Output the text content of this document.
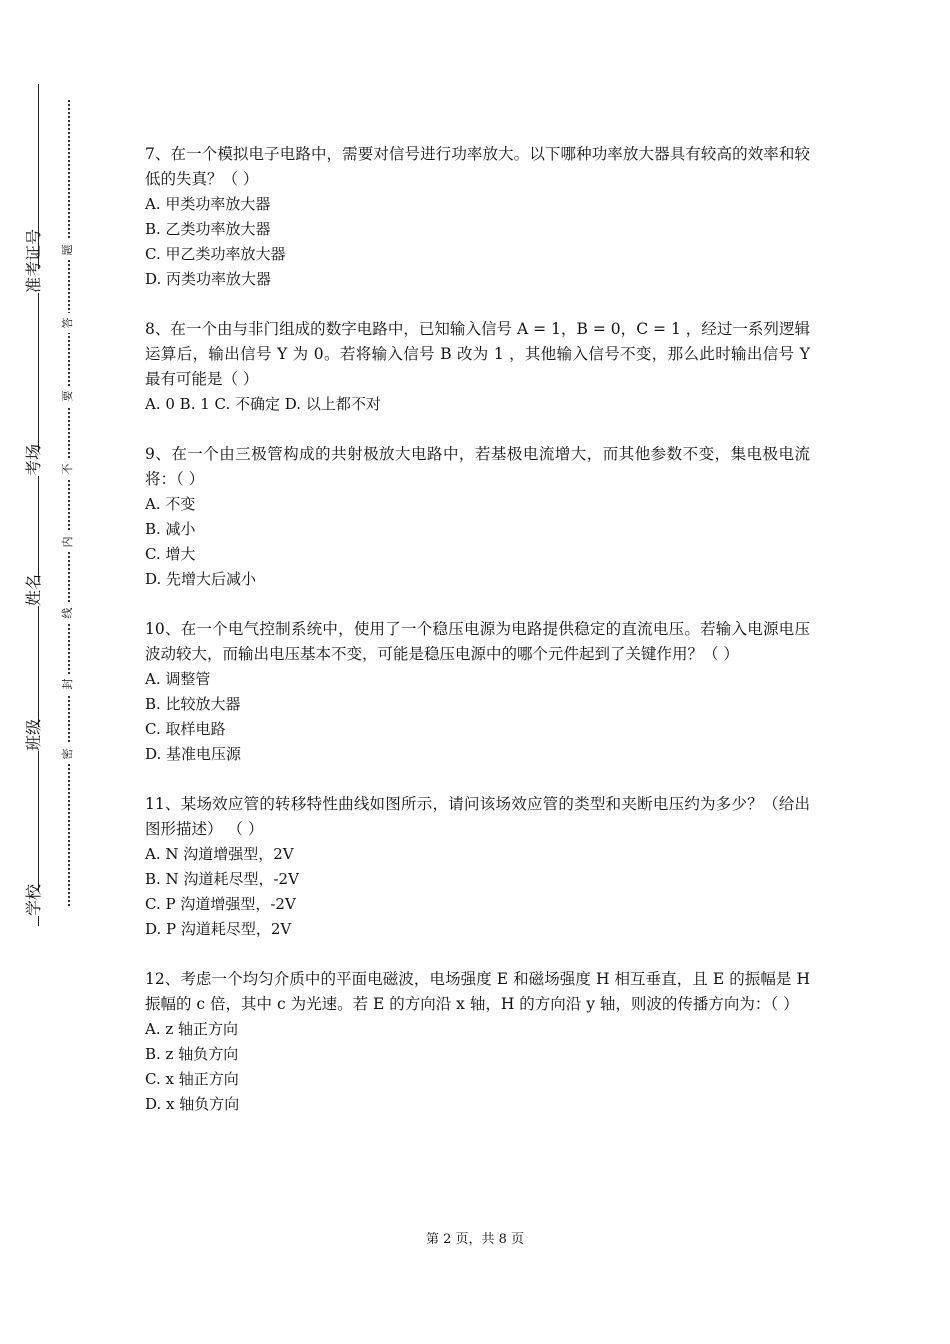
准考证号
考场
姓名
班级
学校
题
答
要
不
内
线
封
密

7、在一个模拟电子电路中，需要对信号进行功率放大。以下哪种功率放大器具有较高的效率和较低的失真？（ ）

A. 甲类功率放大器

B. 乙类功率放大器

C. 甲乙类功率放大器

D. 丙类功率放大器

8、在一个由与非门组成的数字电路中，已知输入信号 A = 1，B = 0，C = 1 ，经过一系列逻辑运算后，输出信号 Y 为 0。若将输入信号 B 改为 1 ，其他输入信号不变，那么此时输出信号 Y 最有可能是（ ）

A. 0 B. 1 C. 不确定 D. 以上都不对

9、在一个由三极管构成的共射极放大电路中，若基极电流增大，而其他参数不变，集电极电流将：（ ）

A. 不变

B. 减小

C. 增大

D. 先增大后减小

10、在一个电气控制系统中，使用了一个稳压电源为电路提供稳定的直流电压。若输入电源电压波动较大，而输出电压基本不变，可能是稳压电源中的哪个元件起到了关键作用？（ ）

A. 调整管

B. 比较放大器

C. 取样电路

D. 基准电压源

11、某场效应管的转移特性曲线如图所示，请问该场效应管的类型和夹断电压约为多少？（给出图形描述） （ ）

A. N 沟道增强型，2V

B. N 沟道耗尽型，-2V

C. P 沟道增强型，-2V

D. P 沟道耗尽型，2V

12、考虑一个均匀介质中的平面电磁波，电场强度 E 和磁场强度 H 相互垂直，且 E 的振幅是 H 振幅的 c 倍，其中 c 为光速。若 E 的方向沿 x 轴，H 的方向沿 y 轴，则波的传播方向为：（ ）

A. z 轴正方向

B. z 轴负方向

C. x 轴正方向

D. x 轴负方向

第 2 页，共 8 页
